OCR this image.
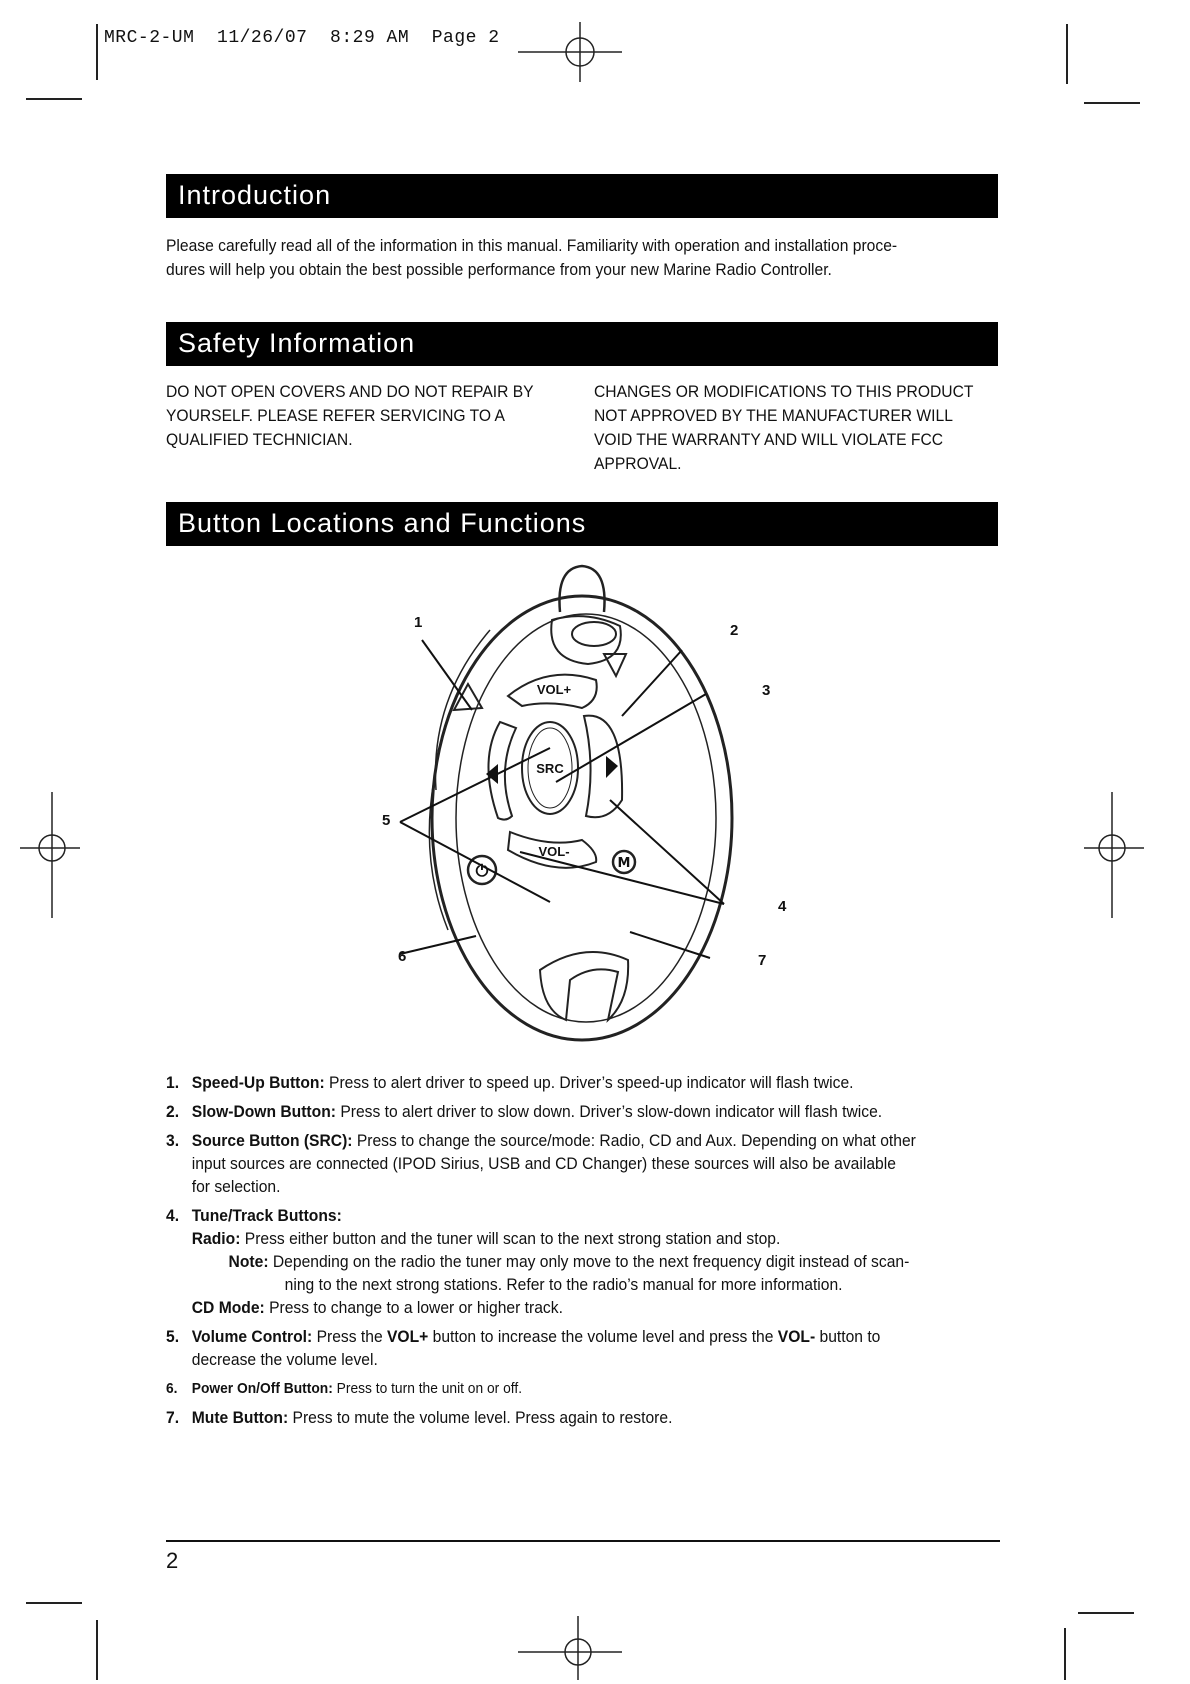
MRC-2-UM  11/26/07  8:29 AM  Page 2
Introduction
Please carefully read all of the information in this manual. Familiarity with operation and installation proce-
dures will help you obtain the best possible performance from your new Marine Radio Controller.
Safety Information
DO NOT OPEN COVERS AND DO NOT REPAIR BY
YOURSELF. PLEASE REFER SERVICING TO A
QUALIFIED TECHNICIAN.
CHANGES OR MODIFICATIONS TO THIS PRODUCT
NOT APPROVED BY THE MANUFACTURER WILL
VOID THE WARRANTY AND WILL VIOLATE FCC
APPROVAL.
Button Locations and Functions
⏻	M
VOL+
VOL-
SRC
1	2
3
4
5
6	7
1. Speed-Up Button: Press to alert driver to speed up. Driver’s speed-up indicator will flash twice.
2. Slow-Down Button: Press to alert driver to slow down. Driver’s slow-down indicator will flash twice.
3. Source Button (SRC): Press to change the source/mode: Radio, CD and Aux. Depending on what other
input sources are connected (IPOD Sirius, USB and CD Changer) these sources will also be available
for selection.
4. Tune/Track Buttons:
Radio: Press either button and the tuner will scan to the next strong station and stop.
Note: Depending on the radio the tuner may only move to the next frequency digit instead of scan-
ning to the next strong stations. Refer to the radio’s manual for more information.
CD Mode: Press to change to a lower or higher track.
5. Volume Control: Press the VOL+ button to increase the volume level and press the VOL- button to
decrease the volume level.
6. Power On/Off Button: Press to turn the unit on or off.
7. Mute Button: Press to mute the volume level. Press again to restore.
2
